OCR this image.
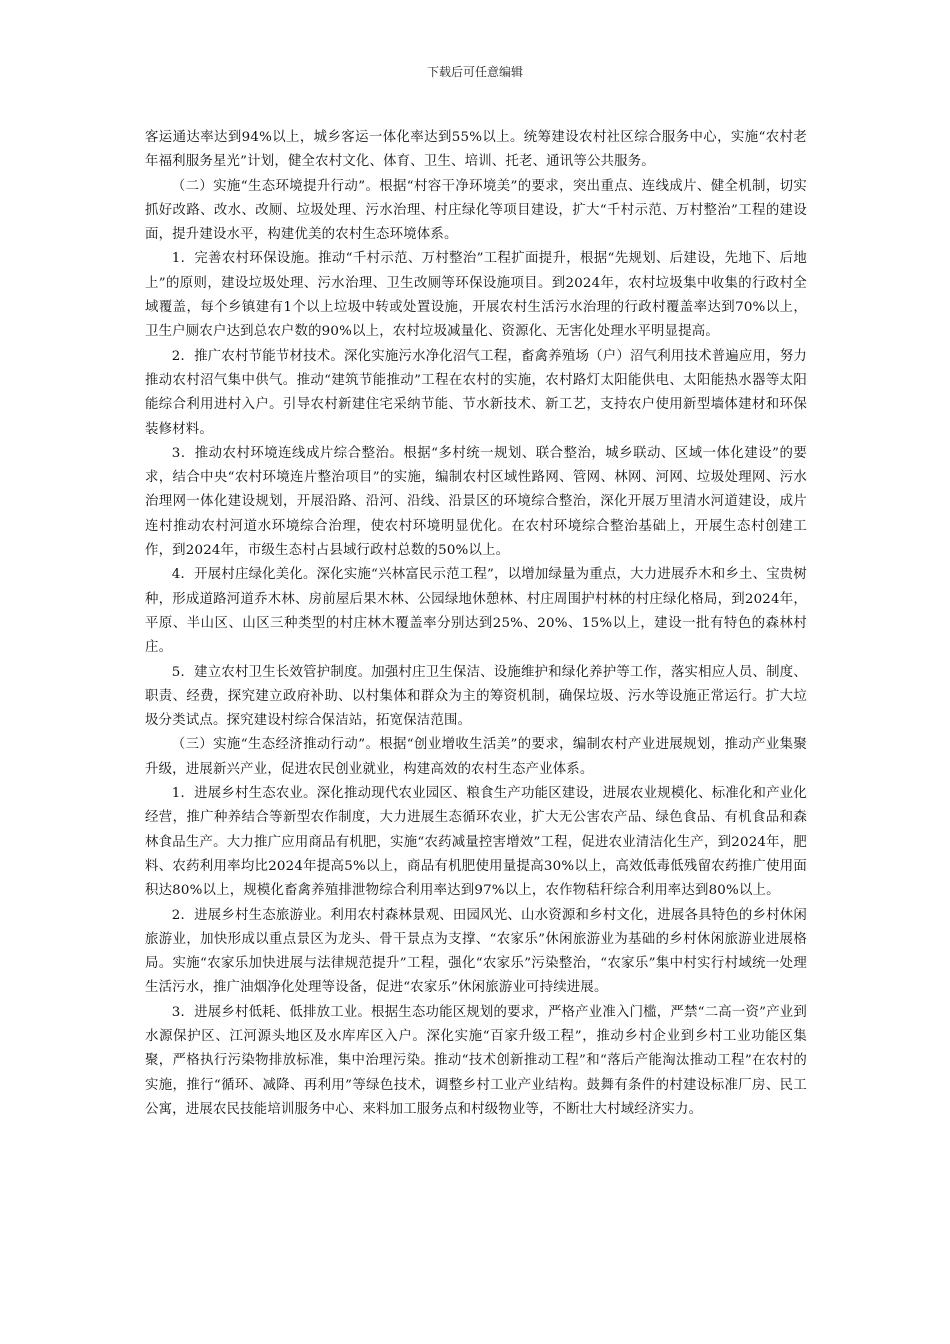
下载后可任意编辑

客运通达率达到94%以上，城乡客运一体化率达到55%以上。统筹建设农村社区综合服务中心，实施“农村老年福利服务星光”计划，健全农村文化、体育、卫生、培训、托老、通讯等公共服务。

（二）实施“生态环境提升行动”。根据“村容干净环境美”的要求，突出重点、连线成片、健全机制，切实抓好改路、改水、改厕、垃圾处理、污水治理、村庄绿化等项目建设，扩大“千村示范、万村整治”工程的建设面，提升建设水平，构建优美的农村生态环境体系。

1．完善农村环保设施。推动“千村示范、万村整治”工程扩面提升，根据“先规划、后建设，先地下、后地上”的原则，建设垃圾处理、污水治理、卫生改厕等环保设施项目。到2024年，农村垃圾集中收集的行政村全域覆盖，每个乡镇建有1个以上垃圾中转或处置设施，开展农村生活污水治理的行政村覆盖率达到70%以上，卫生户厕农户达到总农户数的90%以上，农村垃圾减量化、资源化、无害化处理水平明显提高。

2．推广农村节能节材技术。深化实施污水净化沼气工程，畜禽养殖场（户）沼气利用技术普遍应用，努力推动农村沼气集中供气。推动“建筑节能推动”工程在农村的实施，农村路灯太阳能供电、太阳能热水器等太阳能综合利用进村入户。引导农村新建住宅采纳节能、节水新技术、新工艺，支持农户使用新型墙体建材和环保装修材料。

3．推动农村环境连线成片综合整治。根据“多村统一规划、联合整治，城乡联动、区域一体化建设”的要求，结合中央“农村环境连片整治项目”的实施，编制农村区域性路网、管网、林网、河网、垃圾处理网、污水治理网一体化建设规划，开展沿路、沿河、沿线、沿景区的环境综合整治，深化开展万里清水河道建设，成片连村推动农村河道水环境综合治理，使农村环境明显优化。在农村环境综合整治基础上，开展生态村创建工作，到2024年，市级生态村占县域行政村总数的50%以上。

4．开展村庄绿化美化。深化实施“兴林富民示范工程”，以增加绿量为重点，大力进展乔木和乡土、宝贵树种，形成道路河道乔木林、房前屋后果木林、公园绿地休憩林、村庄周围护村林的村庄绿化格局，到2024年，平原、半山区、山区三种类型的村庄林木覆盖率分别达到25%、20%、15%以上，建设一批有特色的森林村庄。

5．建立农村卫生长效管护制度。加强村庄卫生保洁、设施维护和绿化养护等工作，落实相应人员、制度、职责、经费，探究建立政府补助、以村集体和群众为主的筹资机制，确保垃圾、污水等设施正常运行。扩大垃圾分类试点。探究建设村综合保洁站，拓宽保洁范围。

（三）实施“生态经济推动行动”。根据“创业增收生活美”的要求，编制农村产业进展规划，推动产业集聚升级，进展新兴产业，促进农民创业就业，构建高效的农村生态产业体系。

1．进展乡村生态农业。深化推动现代农业园区、粮食生产功能区建设，进展农业规模化、标准化和产业化经营，推广种养结合等新型农作制度，大力进展生态循环农业，扩大无公害农产品、绿色食品、有机食品和森林食品生产。大力推广应用商品有机肥，实施“农药减量控害增效”工程，促进农业清洁化生产，到2024年，肥料、农药利用率均比2024年提高5%以上，商品有机肥使用量提高30%以上，高效低毒低残留农药推广使用面积达80%以上，规模化畜禽养殖排泄物综合利用率达到97%以上，农作物秸秆综合利用率达到80%以上。

2．进展乡村生态旅游业。利用农村森林景观、田园风光、山水资源和乡村文化，进展各具特色的乡村休闲旅游业，加快形成以重点景区为龙头、骨干景点为支撑、“农家乐”休闲旅游业为基础的乡村休闲旅游业进展格局。实施“农家乐加快进展与法律规范提升”工程，强化“农家乐”污染整治，“农家乐”集中村实行村域统一处理生活污水，推广油烟净化处理等设备，促进“农家乐”休闲旅游业可持续进展。

3．进展乡村低耗、低排放工业。根据生态功能区规划的要求，严格产业准入门槛，严禁“二高一资”产业到水源保护区、江河源头地区及水库库区入户。深化实施“百家升级工程”，推动乡村企业到乡村工业功能区集聚，严格执行污染物排放标准，集中治理污染。推动“技术创新推动工程”和“落后产能淘汰推动工程”在农村的实施，推行“循环、减降、再利用”等绿色技术，调整乡村工业产业结构。鼓舞有条件的村建设标准厂房、民工公寓，进展农民技能培训服务中心、来料加工服务点和村级物业等，不断壮大村域经济实力。
